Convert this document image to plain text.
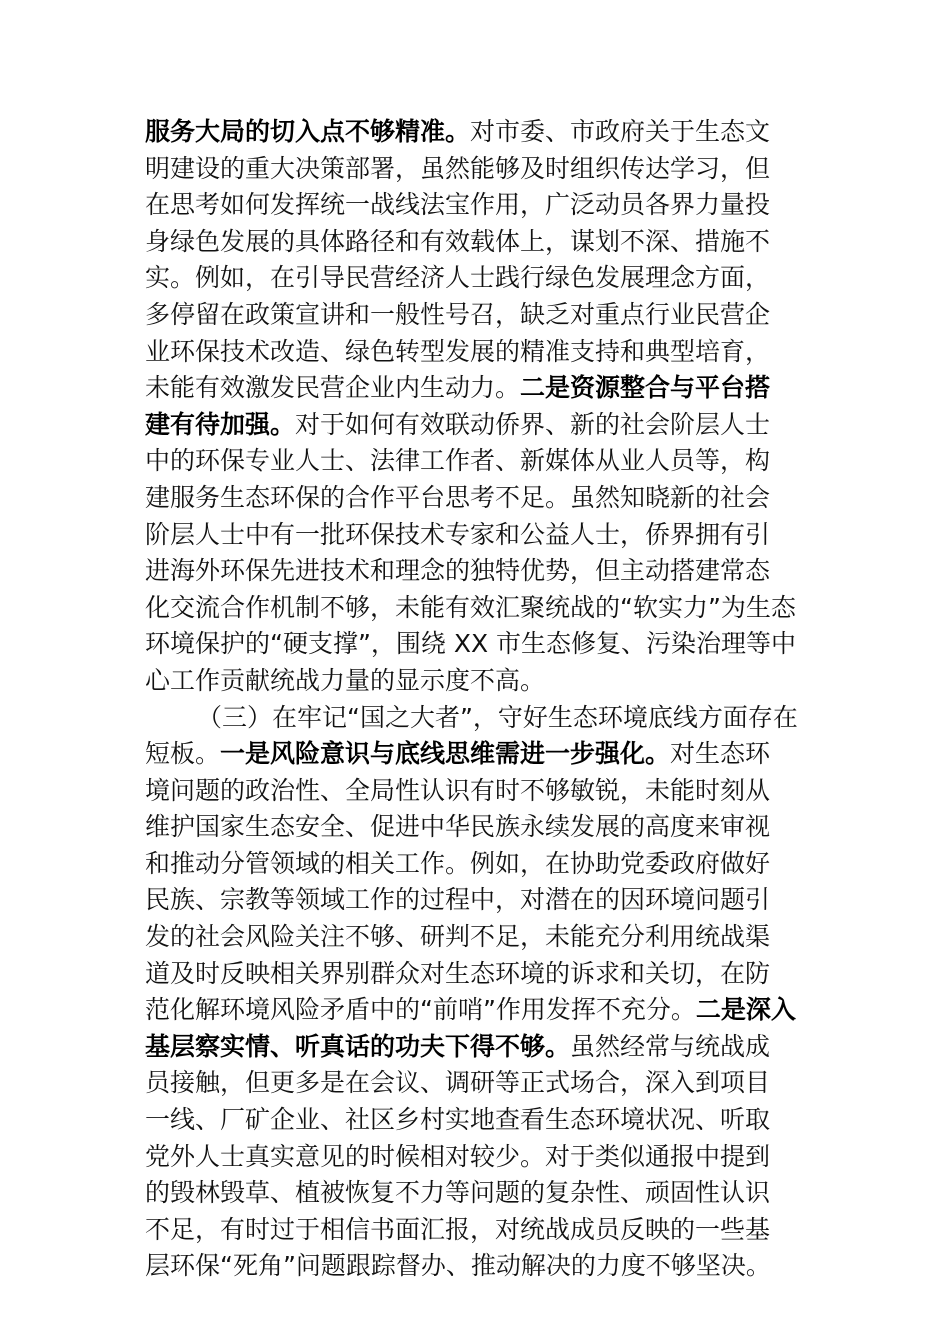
服务大局的切入点不够精准。对市委、市政府关于生态文
明建设的重大决策部署，虽然能够及时组织传达学习，但
在思考如何发挥统一战线法宝作用，广泛动员各界力量投
身绿色发展的具体路径和有效载体上，谋划不深、措施不
实。例如，在引导民营经济人士践行绿色发展理念方面，
多停留在政策宣讲和一般性号召，缺乏对重点行业民营企
业环保技术改造、绿色转型发展的精准支持和典型培育，
未能有效激发民营企业内生动力。二是资源整合与平台搭
建有待加强。对于如何有效联动侨界、新的社会阶层人士
中的环保专业人士、法律工作者、新媒体从业人员等，构
建服务生态环保的合作平台思考不足。虽然知晓新的社会
阶层人士中有一批环保技术专家和公益人士，侨界拥有引
进海外环保先进技术和理念的独特优势，但主动搭建常态
化交流合作机制不够，未能有效汇聚统战的“软实力”为生态
环境保护的“硬支撑”，围绕 XX 市生态修复、污染治理等中
心工作贡献统战力量的显示度不高。
（三）在牢记“国之大者”，守好生态环境底线方面存在
短板。一是风险意识与底线思维需进一步强化。对生态环
境问题的政治性、全局性认识有时不够敏锐，未能时刻从
维护国家生态安全、促进中华民族永续发展的高度来审视
和推动分管领域的相关工作。例如，在协助党委政府做好
民族、宗教等领域工作的过程中，对潜在的因环境问题引
发的社会风险关注不够、研判不足，未能充分利用统战渠
道及时反映相关界别群众对生态环境的诉求和关切，在防
范化解环境风险矛盾中的“前哨”作用发挥不充分。二是深入
基层察实情、听真话的功夫下得不够。虽然经常与统战成
员接触，但更多是在会议、调研等正式场合，深入到项目
一线、厂矿企业、社区乡村实地查看生态环境状况、听取
党外人士真实意见的时候相对较少。对于类似通报中提到
的毁林毁草、植被恢复不力等问题的复杂性、顽固性认识
不足，有时过于相信书面汇报，对统战成员反映的一些基
层环保“死角”问题跟踪督办、推动解决的力度不够坚决。
